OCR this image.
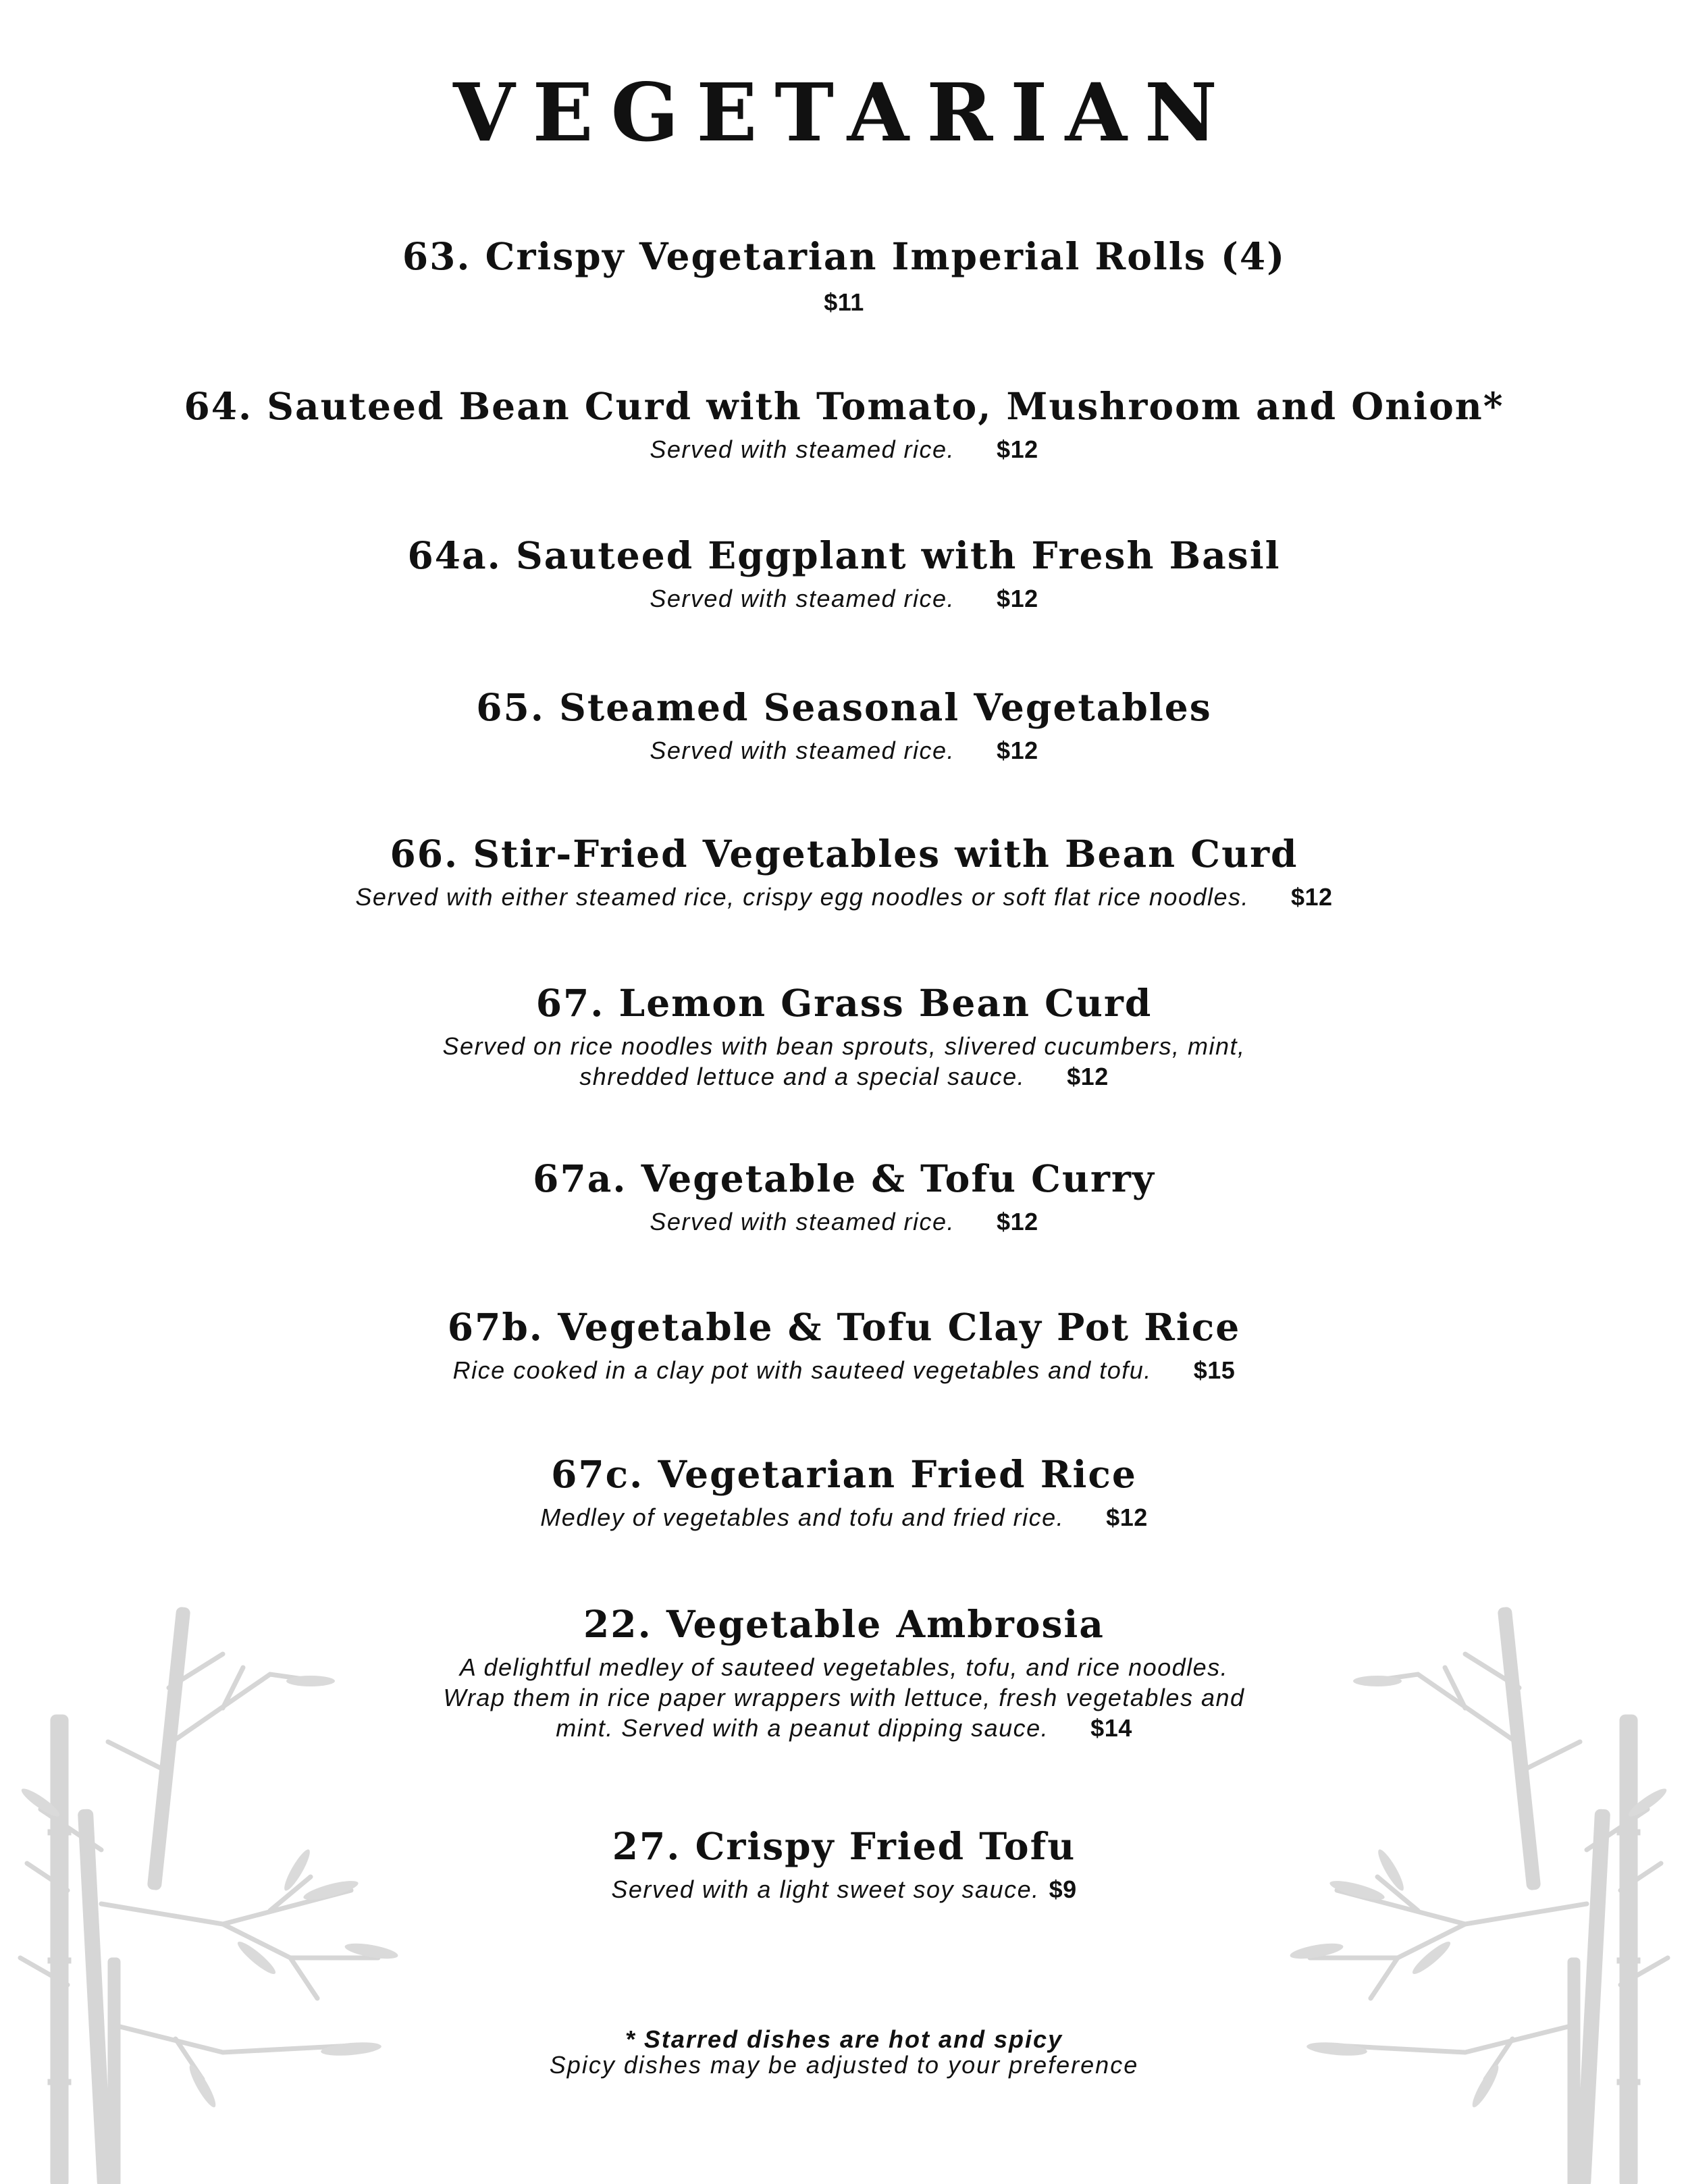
VEGETARIAN
63. Crispy Vegetarian Imperial Rolls (4)
$11
64. Sauteed Bean Curd with Tomato, Mushroom and Onion*
Served with steamed rice. $12
64a. Sauteed Eggplant with Fresh Basil
Served with steamed rice. $12
65. Steamed Seasonal Vegetables
Served with steamed rice. $12
66. Stir-Fried Vegetables with Bean Curd
Served with either steamed rice, crispy egg noodles or soft flat rice noodles. $12
67. Lemon Grass Bean Curd
Served on rice noodles with bean sprouts, slivered cucumbers, mint,
shredded lettuce and a special sauce. $12
67a. Vegetable & Tofu Curry
Served with steamed rice. $12
67b. Vegetable & Tofu Clay Pot Rice
Rice cooked in a clay pot with sauteed vegetables and tofu. $15
67c. Vegetarian Fried Rice
Medley of vegetables and tofu and fried rice. $12
22. Vegetable Ambrosia
A delightful medley of sauteed vegetables, tofu, and rice noodles.
Wrap them in rice paper wrappers with lettuce, fresh vegetables and
mint. Served with a peanut dipping sauce. $14
27. Crispy Fried Tofu
Served with a light sweet soy sauce. $9
* Starred dishes are hot and spicy
Spicy dishes may be adjusted to your preference
